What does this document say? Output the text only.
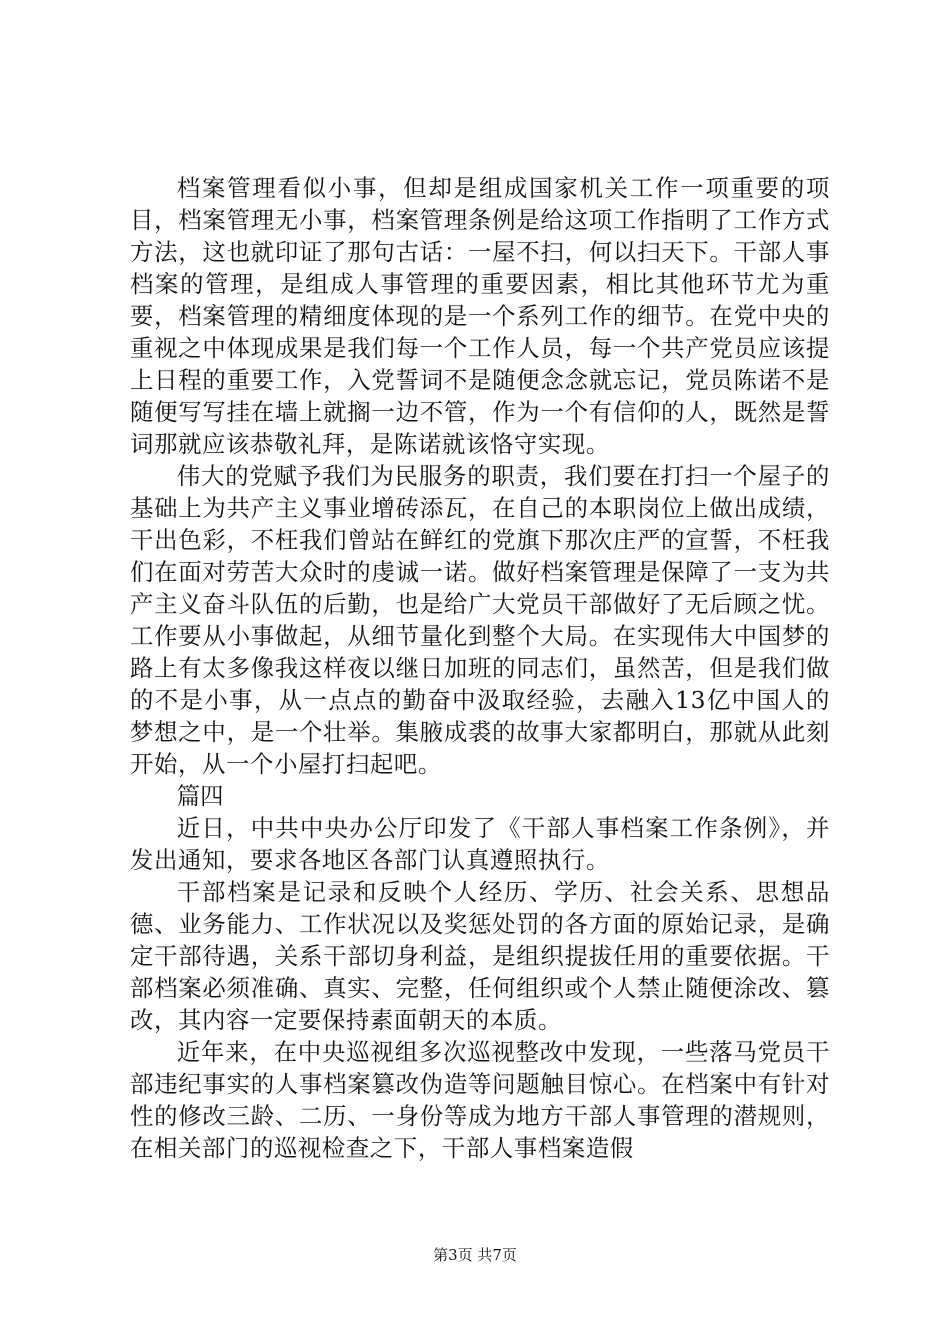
档案管理看似小事，但却是组成国家机关工作一项重要的项目，档案管理无小事，档案管理条例是给这项工作指明了工作方式方法，这也就印证了那句古话：一屋不扫，何以扫天下。干部人事档案的管理，是组成人事管理的重要因素，相比其他环节尤为重要，档案管理的精细度体现的是一个系列工作的细节。在党中央的重视之中体现成果是我们每一个工作人员，每一个共产党员应该提上日程的重要工作，入党誓词不是随便念念就忘记，党员陈诺不是随便写写挂在墙上就搁一边不管，作为一个有信仰的人，既然是誓词那就应该恭敬礼拜，是陈诺就该恪守实现。

伟大的党赋予我们为民服务的职责，我们要在打扫一个屋子的基础上为共产主义事业增砖添瓦，在自己的本职岗位上做出成绩，干出色彩，不枉我们曾站在鲜红的党旗下那次庄严的宣誓，不枉我们在面对劳苦大众时的虔诚一诺。做好档案管理是保障了一支为共产主义奋斗队伍的后勤，也是给广大党员干部做好了无后顾之忧。工作要从小事做起，从细节量化到整个大局。在实现伟大中国梦的路上有太多像我这样夜以继日加班的同志们，虽然苦，但是我们做的不是小事，从一点点的勤奋中汲取经验，去融入13亿中国人的梦想之中，是一个壮举。集腋成裘的故事大家都明白，那就从此刻开始，从一个小屋打扫起吧。

篇四

近日，中共中央办公厅印发了《干部人事档案工作条例》，并发出通知，要求各地区各部门认真遵照执行。

干部档案是记录和反映个人经历、学历、社会关系、思想品德、业务能力、工作状况以及奖惩处罚的各方面的原始记录，是确定干部待遇，关系干部切身利益，是组织提拔任用的重要依据。干部档案必须准确、真实、完整，任何组织或个人禁止随便涂改、篡改，其内容一定要保持素面朝天的本质。

近年来，在中央巡视组多次巡视整改中发现，一些落马党员干部违纪事实的人事档案篡改伪造等问题触目惊心。在档案中有针对性的修改三龄、二历、一身份等成为地方干部人事管理的潜规则，在相关部门的巡视检查之下，干部人事档案造假

第3页 共7页
